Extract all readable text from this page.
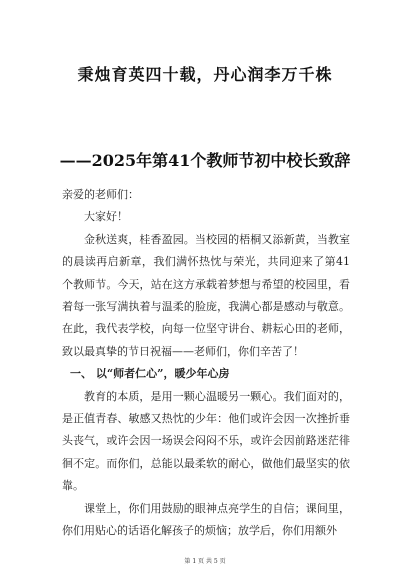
秉烛育英四十载，丹心润李万千株
——2025年第41个教师节初中校长致辞

亲爱的老师们：

大家好！

金秋送爽，桂香盈园。当校园的梧桐又添新黄，当教室的晨读再启新章，我们满怀热忱与荣光，共同迎来了第41个教师节。今天，站在这方承载着梦想与希望的校园里，看着每一张写满执着与温柔的脸庞，我满心都是感动与敬意。在此，我代表学校，向每一位坚守讲台、耕耘心田的老师，致以最真挚的节日祝福——老师们，你们辛苦了！

一、 以“师者仁心”，暖少年心房

教育的本质，是用一颗心温暖另一颗心。我们面对的，是正值青春、敏感又热忱的少年：他们或许会因一次挫折垂头丧气，或许会因一场误会闷闷不乐，或许会因前路迷茫徘徊不定。而你们，总能以最柔软的耐心，做他们最坚实的依靠。

课堂上，你们用鼓励的眼神点亮学生的自信；课间里，你们用贴心的话语化解孩子的烦恼；放学后，你们用额外

第 1 页 共 5 页
